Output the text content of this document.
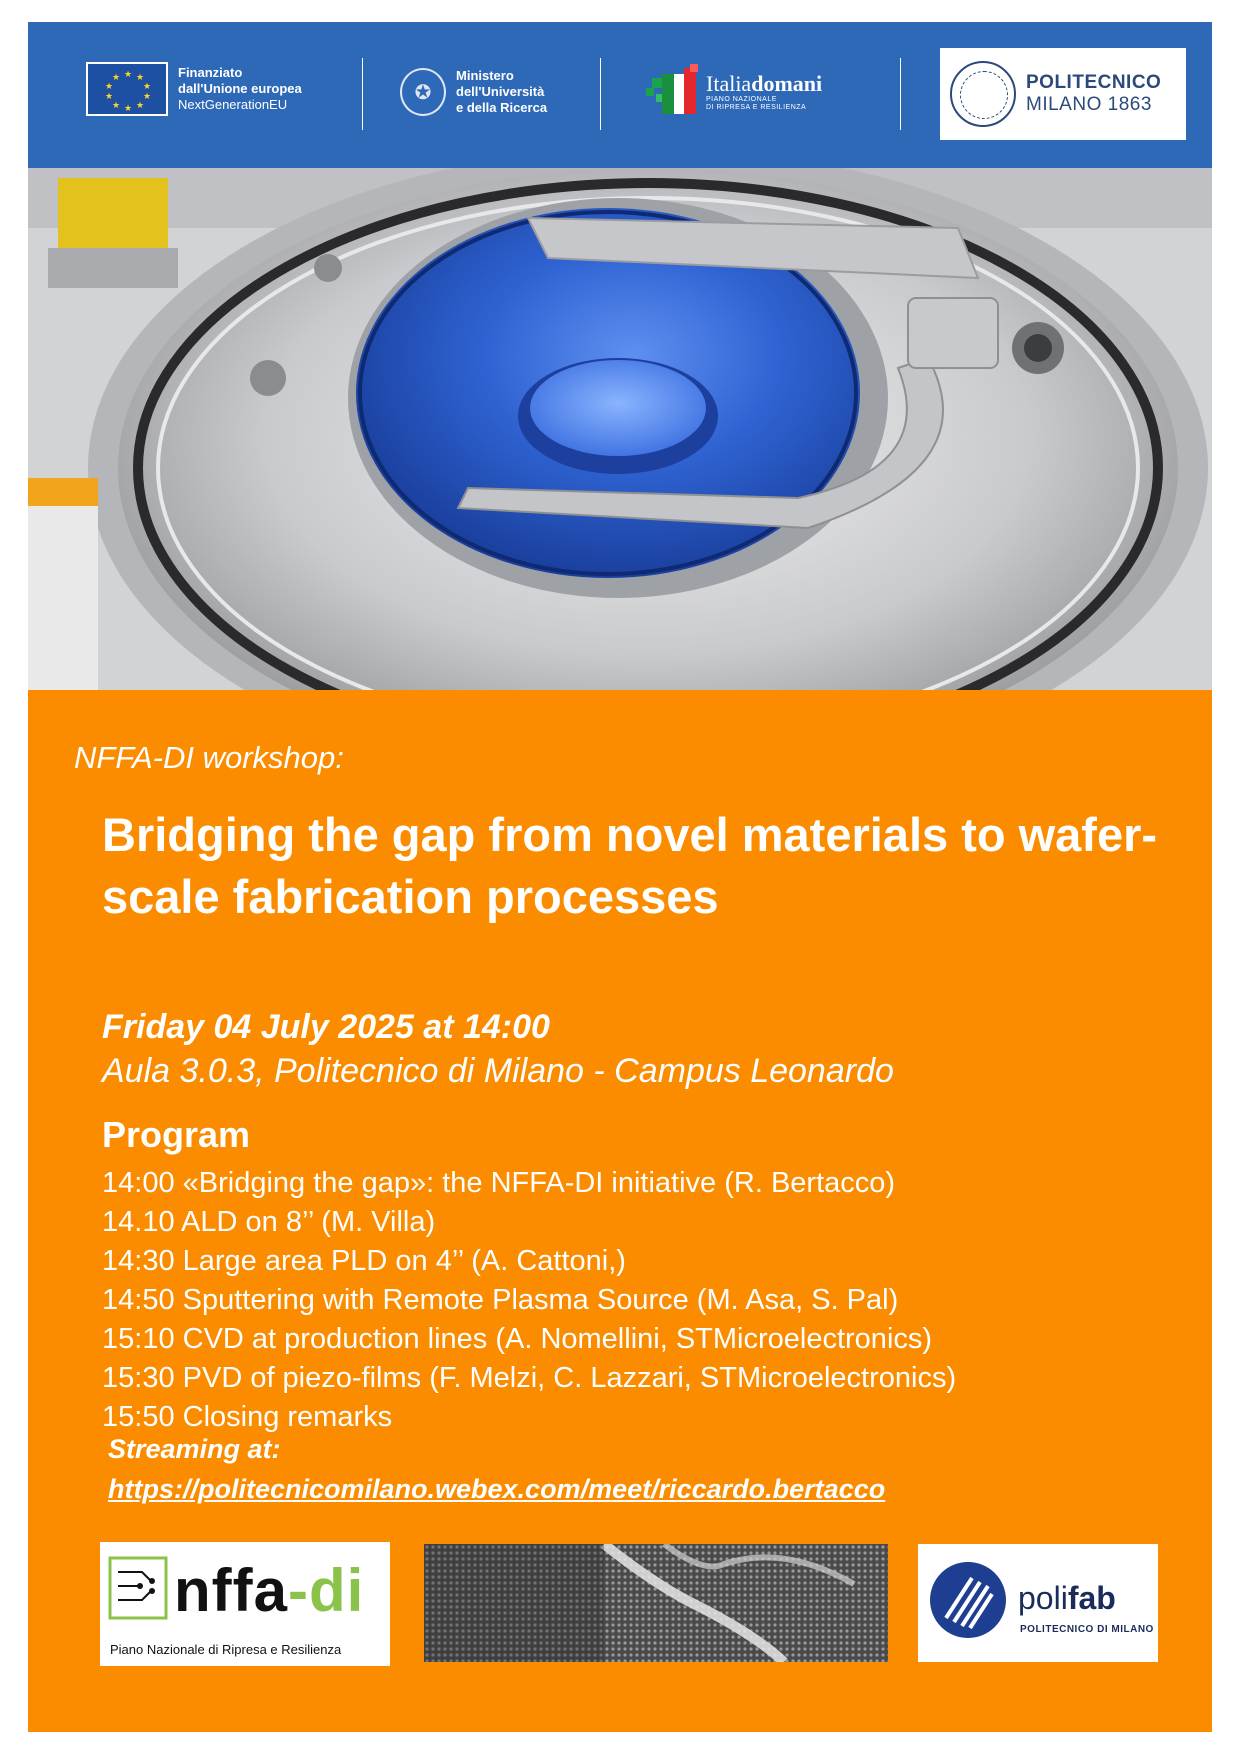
★ ★
★
★
★
★
★
★
★
★	Finanziato
dall'Unione europea
NextGenerationEU
✪
Ministero
dell'Università
e della Ricerca
Italiadomani
PIANO NAZIONALE
DI RIPRESA E RESILIENZA
POLITECNICO
MILANO 1863
NFFA-DI workshop:
Bridging the gap from novel materials to wafer-scale fabrication processes
Friday 04 July 2025 at 14:00
Aula 3.0.3, Politecnico di Milano - Campus Leonardo
Program
14:00 «Bridging the gap»: the NFFA-DI initiative (R. Bertacco)
14.10 ALD on 8’’ (M. Villa)
14:30 Large area PLD on 4’’ (A. Cattoni,)
14:50 Sputtering with Remote Plasma Source (M. Asa, S. Pal)
15:10 CVD at production lines (A. Nomellini, STMicroelectronics)
15:30 PVD of piezo-films (F. Melzi, C. Lazzari, STMicroelectronics)
15:50 Closing remarks
Streaming at:
https://politecnicomilano.webex.com/meet/riccardo.bertacco
nffa-di
Piano Nazionale di Ripresa e Resilienza
polifab
POLITECNICO DI MILANO
